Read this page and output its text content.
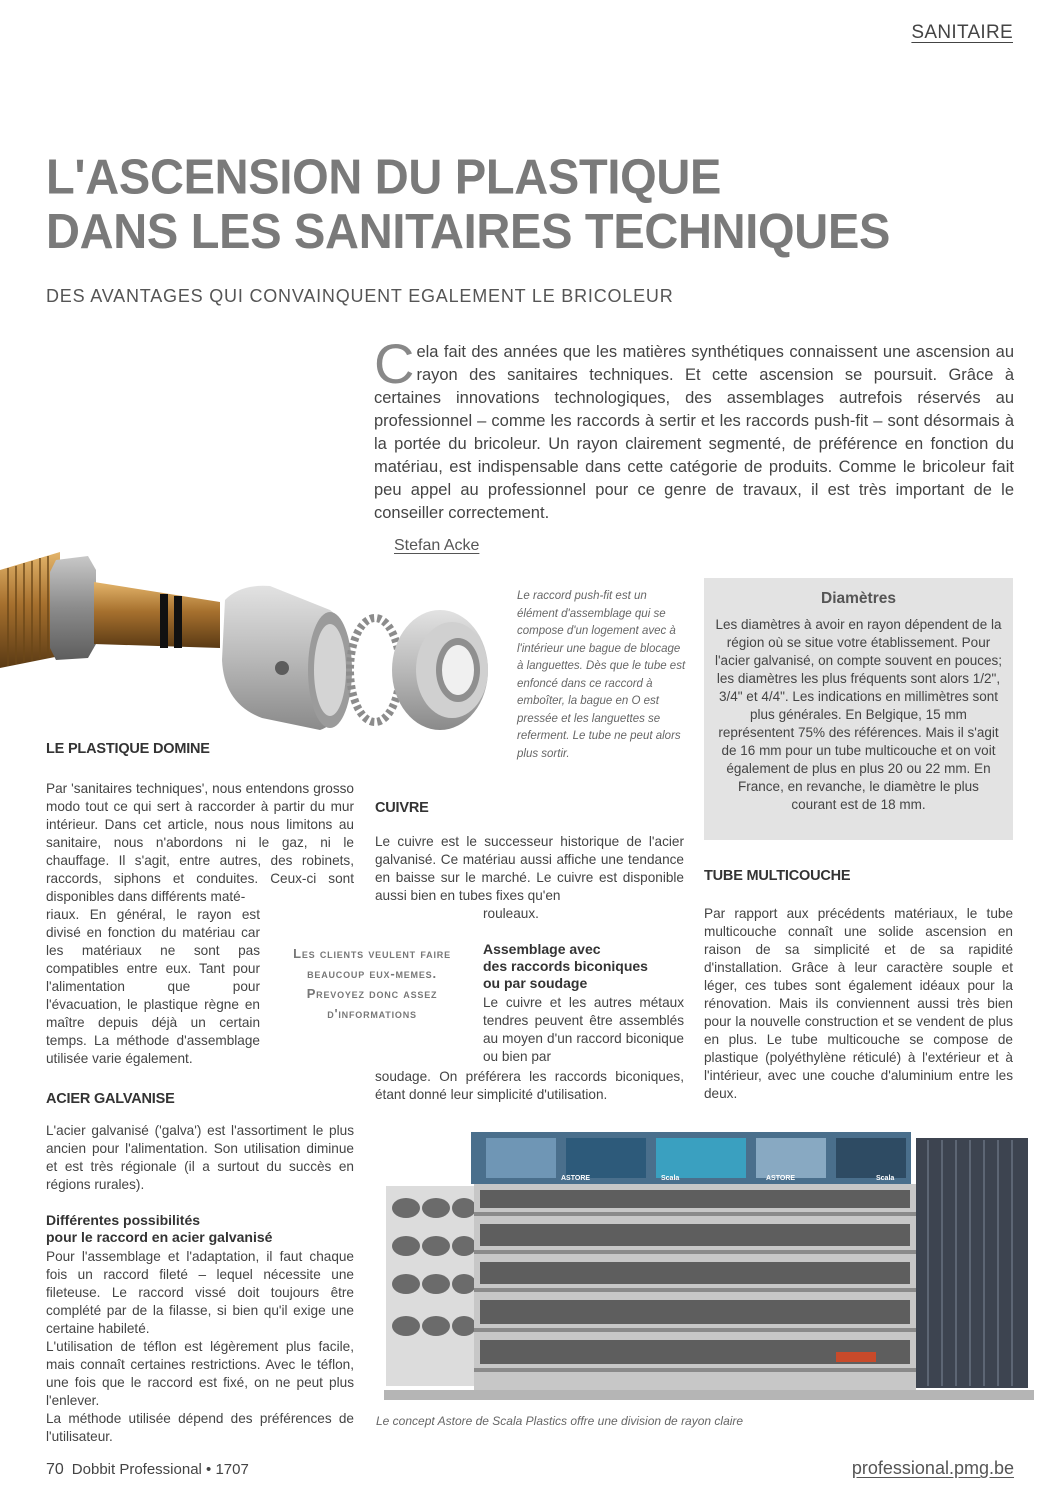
SANITAIRE
L'ASCENSION DU PLASTIQUE
DANS LES SANITAIRES TECHNIQUES
DES AVANTAGES QUI CONVAINQUENT EGALEMENT LE BRICOLEUR
Cela fait des années que les matières synthétiques connaissent une ascension au rayon des sanitaires techniques. Et cette ascension se poursuit. Grâce à certaines innovations technologiques, des assemblages autrefois réservés au professionnel – comme les raccords à sertir et les raccords push-fit – sont désormais à la portée du bricoleur. Un rayon clairement segmenté, de préférence en fonction du matériau, est indispensable dans cette catégorie de produits. Comme le bricoleur fait peu appel au professionnel pour ce genre de travaux, il est très important de le conseiller correctement.
Stefan Acke
Le raccord push-fit est un élément d'assemblage qui se compose d'un logement avec à l'intérieur une bague de blocage à languettes. Dès que le tube est enfoncé dans ce raccord à emboîter, la bague en O est pressée et les languettes se referment. Le tube ne peut alors plus sortir.
Diamètres

Les diamètres à avoir en rayon dépendent de la région où se situe votre établissement. Pour l'acier galvanisé, on compte souvent en pouces; les diamètres les plus fréquents sont alors 1/2", 3/4" et 4/4". Les indications en millimètres sont plus générales. En Belgique, 15 mm représentent 75% des références. Mais il s'agit de 16 mm pour un tube multicouche et on voit également de plus en plus 20 ou 22 mm. En France, en revanche, le diamètre le plus courant est de 18 mm.

LE PLASTIQUE DOMINE
Par 'sanitaires techniques', nous entendons grosso modo tout ce qui sert à raccorder à partir du mur intérieur. Dans cet article, nous nous limitons au sanitaire, nous n'abordons ni le gaz, ni le chauffage. Il s'agit, entre autres, des robinets, raccords, siphons et conduites. Ceux-ci sont disponibles dans différents maté-
riaux. En général, le rayon est divisé en fonction du matériau car les matériaux ne sont pas compatibles entre eux. Tant pour l'alimentation que pour l'évacuation, le plastique règne en maître depuis déjà un certain temps. La méthode d'assemblage utilisée varie également.
Les clients veulent faire
beaucoup eux-memes.
Prevoyez donc assez
d'informations
ACIER GALVANISE
L'acier galvanisé ('galva') est l'assortiment le plus ancien pour l'alimentation. Son utilisation diminue et est très régionale (il a surtout du succès en régions rurales).
Différentes possibilités
pour le raccord en acier galvanisé
Pour l'assemblage et l'adaptation, il faut chaque fois un raccord fileté – lequel nécessite une fileteuse. Le raccord vissé doit toujours être complété par de la filasse, si bien qu'il exige une certaine habileté.
L'utilisation de téflon est légèrement plus facile, mais connaît certaines restrictions. Avec le téflon, une fois que le raccord est fixé, on ne peut plus l'enlever.
La méthode utilisée dépend des préférences de l'utilisateur.
CUIVRE
Le cuivre est le successeur historique de l'acier galvanisé. Ce matériau aussi affiche une tendance en baisse sur le marché. Le cuivre est disponible aussi bien en tubes fixes qu'en
rouleaux.
Assemblage avec
des raccords biconiques
ou par soudage
Le cuivre et les autres métaux tendres peuvent être assemblés au moyen d'un raccord biconique ou bien par
soudage. On préférera les raccords biconiques, étant donné leur simplicité d'utilisation.
TUBE MULTICOUCHE
Par rapport aux précédents matériaux, le tube multicouche connaît une solide ascension en raison de sa simplicité et de sa rapidité d'installation. Grâce à leur caractère souple et léger, ces tubes sont également idéaux pour la rénovation. Mais ils conviennent aussi très bien pour la nouvelle construction et se vendent de plus en plus. Le tube multicouche se compose de plastique (polyéthylène réticulé) à l'extérieur et à l'intérieur, avec une couche d'aluminium entre les deux.
ASTORE	Scala	ASTORE	Scala
Le concept Astore de Scala Plastics offre une division de rayon claire
70 Dobbit Professional • 1707	professional.pmg.be
